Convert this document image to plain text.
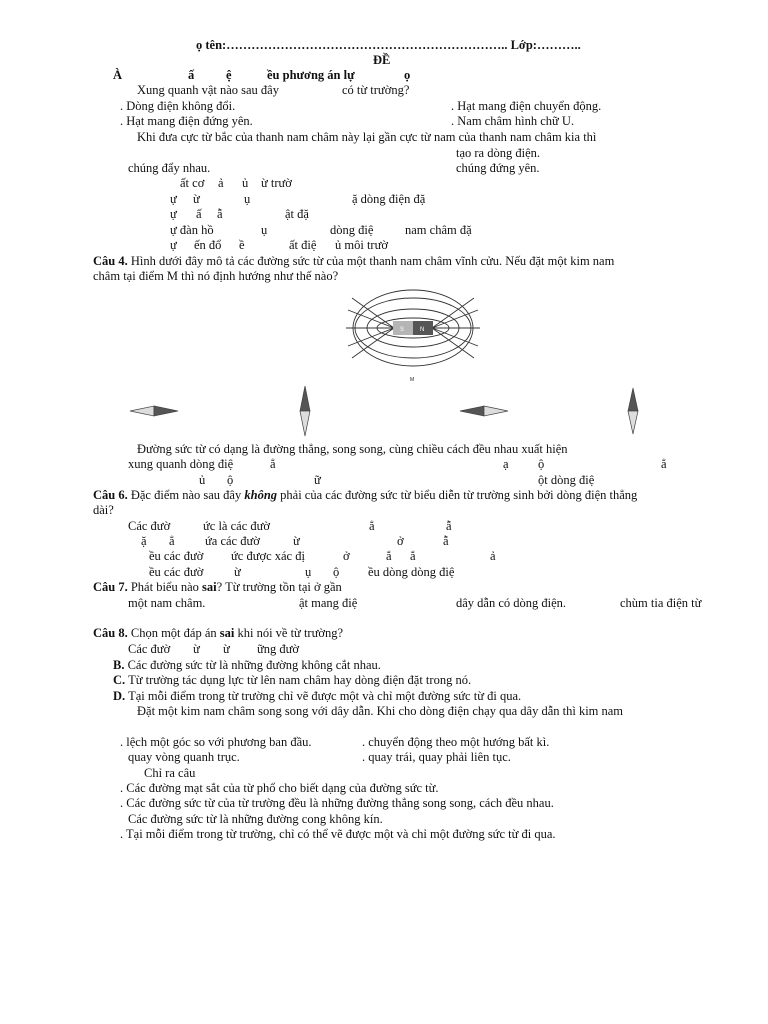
ọ tên:………………………………………………………….. Lớp:………..
ĐỀ
À	ấ	ệ	ều phương án lự	ọ
Xung quanh vật nào sau đây	có từ trường?
. Dòng điện không đổi.	. Hạt mang điện chuyển động.
. Hạt mang điện đứng yên.	. Nam châm hình chữ U.
Khi đưa cực từ bắc của thanh nam châm này lại gần cực từ nam của thanh nam châm kia thì
tạo ra dòng điện.
chúng đẩy nhau.	chúng đứng yên.
ất cơ ả ủ ừ trườ
ự ừ	ụ	ặ dòng điện đặ
ự ấ ẫ	ật đặ
ự đàn hồ	ụ	dòng điệ	nam châm đặ
ự ến đổ ề	ất điệ ủ môi trườ
Câu 4. Hình dưới đây mô tả các đường sức từ của một thanh nam châm vĩnh cửu. Nếu đặt một kim nam
châm tại điểm M thì nó định hướng như thế nào?
S	N
M
Đường sức từ có dạng là đường thẳng, song song, cùng chiều cách đều nhau xuất hiện
xung quanh dòng điệ	ẳ	ạ ộ	ẳ
ủ ộ	ữ	ột dòng điệ
Câu 6. Đặc điểm nào sau đây không phải của các đường sức từ biểu diễn từ trường sinh bởi dòng điện thẳng
dài?
Các đườ	ức là các đườ	ẳ	ẫ
ặ ẳ ứa các đườ	ừ	ở	ẫ
ều các đườ ức được xác đị	ở	ắ ắ	ả
ều các đườ ừ	ụ ộ ều dòng dòng điệ
Câu 7. Phát biểu nào sai? Từ trường tồn tại ở gần
một nam châm.	ật mang điệ	dây dẫn có dòng điện.	chùm tia điện từ
Câu 8. Chọn một đáp án sai khi nói về từ trường?
Các đườ ừ ừ ững đườ
B. Các đường sức từ là những đường không cắt nhau.
C. Từ trường tác dụng lực từ lên nam châm hay dòng điện đặt trong nó.
D. Tại mỗi điểm trong từ trường chỉ vẽ được một và chỉ một đường sức từ đi qua.
Đặt một kim nam châm song song với dây dẫn. Khi cho dòng điện chạy qua dây dẫn thì kim nam
. lệch một góc so với phương ban đầu.	. chuyển động theo một hướng bất kì.
quay vòng quanh trục.	. quay trái, quay phải liên tục.
Chỉ ra câu
. Các đường mạt sắt của từ phổ cho biết dạng của đường sức từ.
. Các đường sức từ của từ trường đều là những đường thẳng song song, cách đều nhau.
Các đường sức từ là những đường cong không kín.
. Tại mỗi điểm trong từ trường, chỉ có thể vẽ được một và chỉ một đường sức từ đi qua.
